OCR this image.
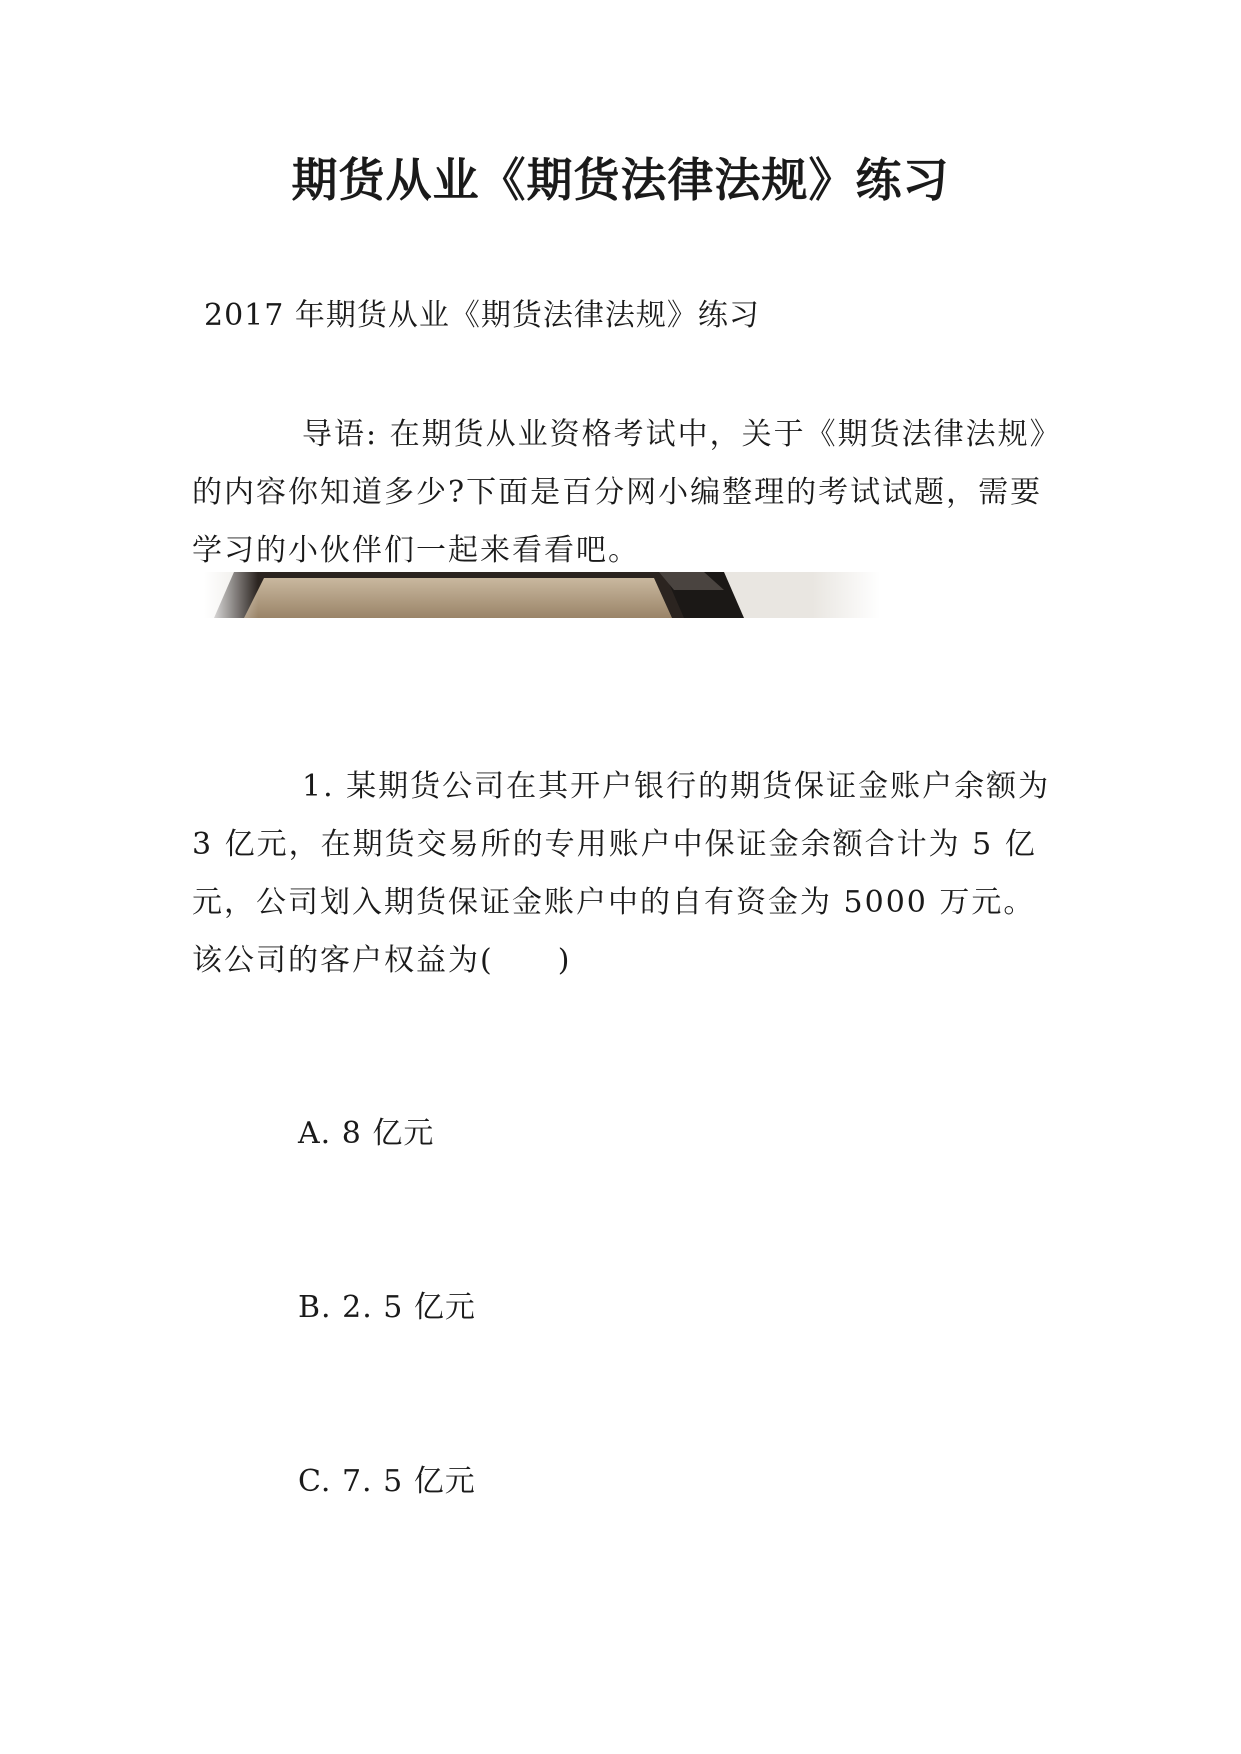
期货从业《期货法律法规》练习
2017 年期货从业《期货法律法规》练习
导语: 在期货从业资格考试中，关于《期货法律法规》的内容你知道多少?下面是百分网小编整理的考试试题，需要学习的小伙伴们一起来看看吧。
1. 某期货公司在其开户银行的期货保证金账户余额为 3 亿元，在期货交易所的专用账户中保证金余额合计为 5 亿元，公司划入期货保证金账户中的自有资金为 5000 万元。该公司的客户权益为(　　)
A. 8 亿元
B. 2. 5 亿元
C. 7. 5 亿元
